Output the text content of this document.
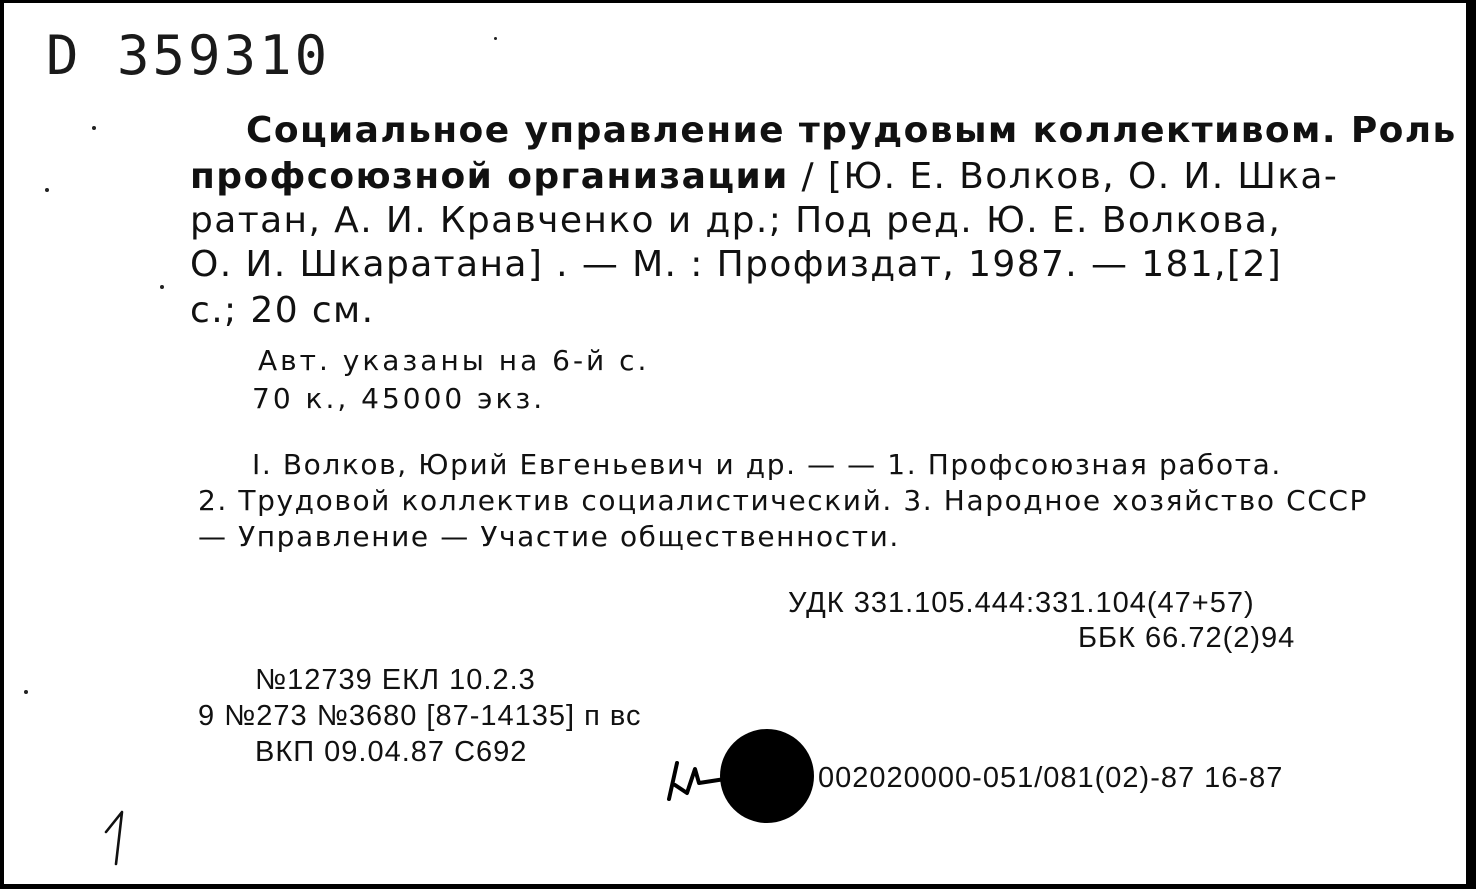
D 359310
Социальное управление трудовым коллективом. Роль
профсоюзной организации / [Ю. Е. Волков, О. И. Шка-
ратан, А. И. Кравченко и др.; Под ред. Ю. Е. Волкова,
О. И. Шкаратана] . — М. : Профиздат, 1987. — 181,[2]
с.; 20 см.
Авт. указаны на 6-й с.
70 к., 45000 экз.
I. Волков, Юрий Евгеньевич и др. — — 1. Профсоюзная работа.
2. Трудовой коллектив социалистический. 3. Народное хозяйство СССР
— Управление — Участие общественности.
УДК 331.105.444:331.104(47+57)
ББК 66.72(2)94
№12739 ЕКЛ 10.2.3
9 №273 №3680 [87-14135] п вс
ВКП 09.04.87 С692
002020000-051/081(02)-87 16-87
